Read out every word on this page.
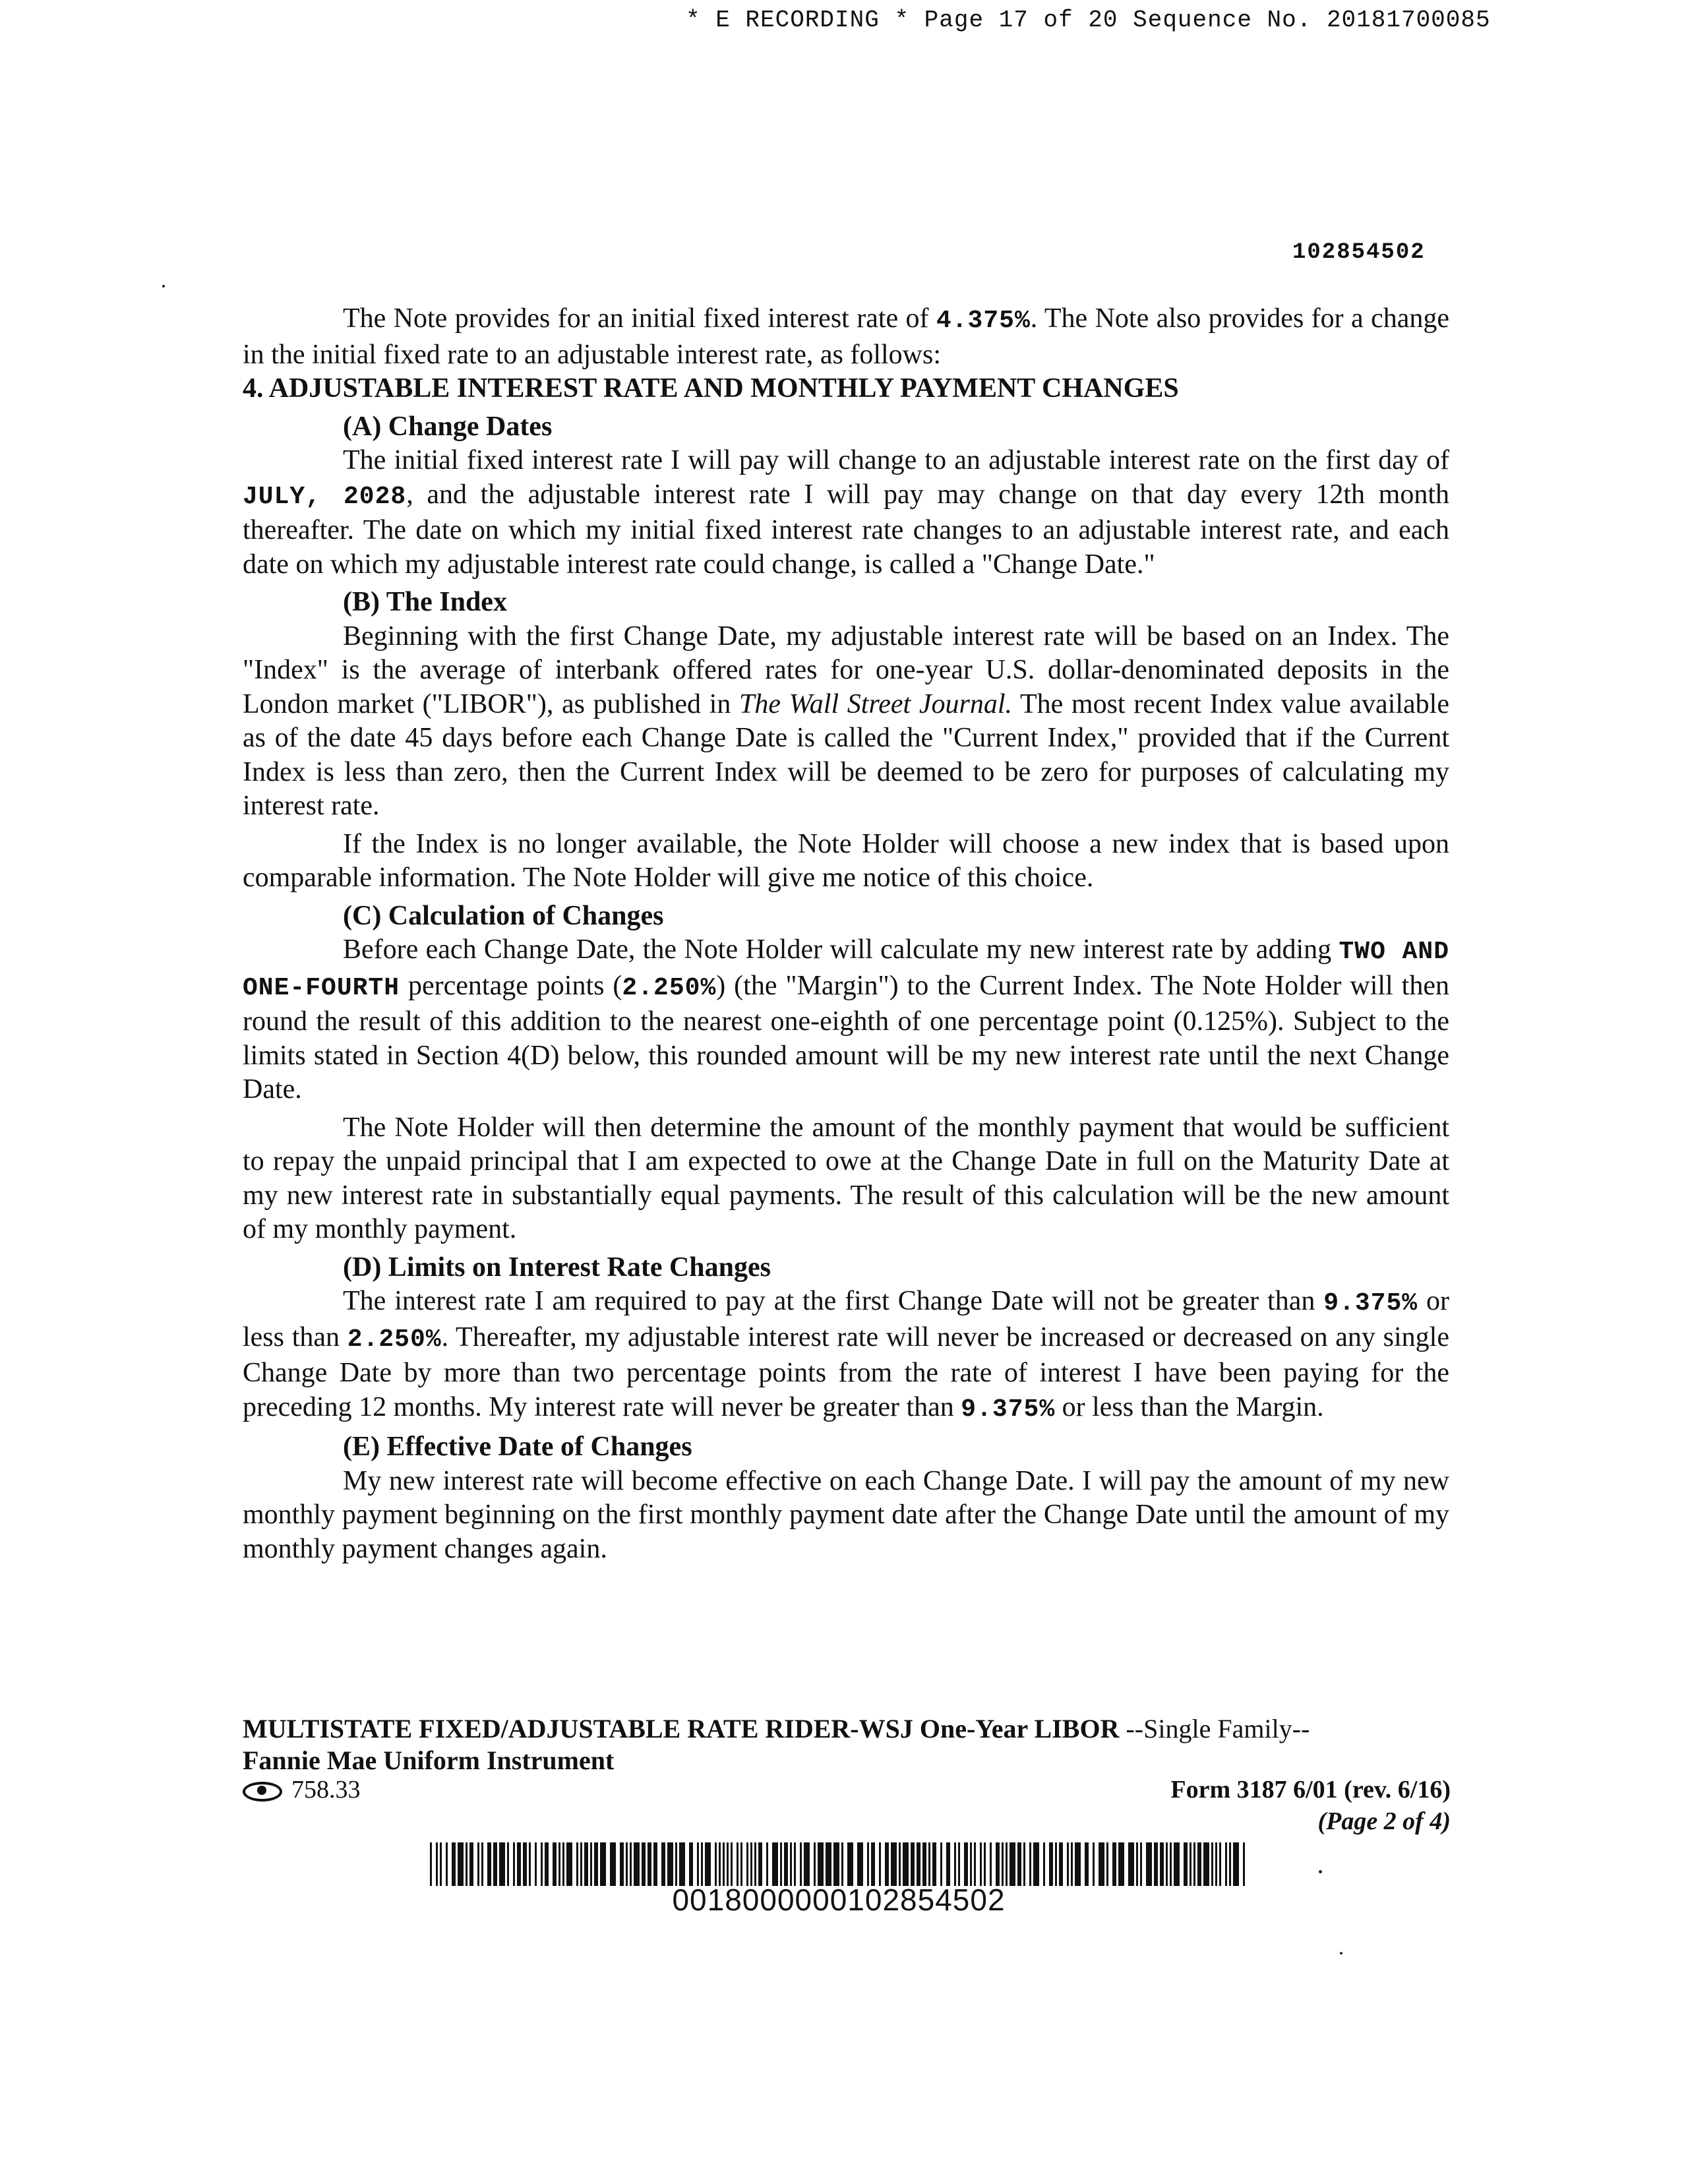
* E RECORDING * Page 17 of 20 Sequence No. 20181700085
102854502

The Note provides for an initial fixed interest rate of 4.375%. The Note also provides for a change in the initial fixed rate to an adjustable interest rate, as follows:

4. ADJUSTABLE INTEREST RATE AND MONTHLY PAYMENT CHANGES
(A) Change Dates

The initial fixed interest rate I will pay will change to an adjustable interest rate on the first day of JULY, 2028, and the adjustable interest rate I will pay may change on that day every 12th month thereafter. The date on which my initial fixed interest rate changes to an adjustable interest rate, and each date on which my adjustable interest rate could change, is called a "Change Date."

(B) The Index

Beginning with the first Change Date, my adjustable interest rate will be based on an Index. The "Index" is the average of interbank offered rates for one-year U.S. dollar-denominated deposits in the London market ("LIBOR"), as published in The Wall Street Journal. The most recent Index value available as of the date 45 days before each Change Date is called the "Current Index," provided that if the Current Index is less than zero, then the Current Index will be deemed to be zero for purposes of calculating my interest rate.

If the Index is no longer available, the Note Holder will choose a new index that is based upon comparable information. The Note Holder will give me notice of this choice.

(C) Calculation of Changes

Before each Change Date, the Note Holder will calculate my new interest rate by adding TWO AND ONE-FOURTH percentage points (2.250%) (the "Margin") to the Current Index. The Note Holder will then round the result of this addition to the nearest one-eighth of one percentage point (0.125%). Subject to the limits stated in Section 4(D) below, this rounded amount will be my new interest rate until the next Change Date.

The Note Holder will then determine the amount of the monthly payment that would be sufficient to repay the unpaid principal that I am expected to owe at the Change Date in full on the Maturity Date at my new interest rate in substantially equal payments. The result of this calculation will be the new amount of my monthly payment.

(D) Limits on Interest Rate Changes

The interest rate I am required to pay at the first Change Date will not be greater than 9.375% or less than 2.250%. Thereafter, my adjustable interest rate will never be increased or decreased on any single Change Date by more than two percentage points from the rate of interest I have been paying for the preceding 12 months. My interest rate will never be greater than 9.375% or less than the Margin.

(E) Effective Date of Changes

My new interest rate will become effective on each Change Date. I will pay the amount of my new monthly payment beginning on the first monthly payment date after the Change Date until the amount of my monthly payment changes again.

MULTISTATE FIXED/ADJUSTABLE RATE RIDER-WSJ One-Year LIBOR --Single Family--
Fannie Mae Uniform Instrument
758.33	Form 3187 6/01 (rev. 6/16)
(Page 2 of 4)
0018000000102854502
